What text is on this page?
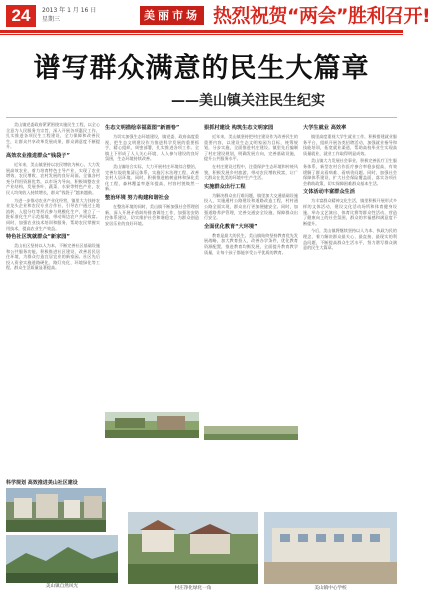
24	2013 年 1 月 16 日
星期三	美丽市场 热烈祝贺“两会”胜利召开!
谱写群众满意的民生大篇章
——美山镇关注民生纪实

美山镇党委政府紧紧围绕实施民生工程，以全心全意为人民服务为宗旨，深入开展各项惠民工作，扎实推进各项民生工程建设，全力保障和改善民生，让群众共享改革发展成果，群众满意度不断提升。

高效农业推进群众“钱袋子”

近年来，美山镇坚持以农民增收为核心，大力发展高效农业，着力培育特色主导产业，实现了农业增效、农民增收、农村发展的良好局面。全镇各村充分利用资源优势，以市场为导向，积极调整农业产业结构，发展茶叶、蔬菜、水果等特色产业，农民人均纯收入持续增长，群众“钱袋子”越来越鼓。

为进一步推动农业产业化经营，镇里大力扶持农业龙头企业和农民专业合作社，引导农户通过土地流转、入股分红等形式参与规模化生产，建立了一批标准化生产示范基地，带动周边农户共同致富。同时，加强农业技术培训和服务，帮助农民掌握实用技术，提高农业生产效益。

特色社区筑就群众“新家园”

美山社区坚持以人为本，不断完善社区基础设施和公共服务功能，积极推进社区建设，改善居民居住环境，为群众打造宜居宜业的新家园。社区先后投入资金实施道路硬化、路灯亮化、环境绿化等工程，群众生活质量显著提高。

生态文明描绘幸福蓝图“新画卷”

为切实加强生态环境建设，镇党委、政府高度重视，把生态文明建设作为推进科学发展的重要抓手，精心组织，周密部署，扎实推进各项工作。全镇上下形成了人人关心环境、人人参与建设的良好氛围，生态环境持续改善。

美山镇结合实际，大力开展村庄环境综合整治，完善垃圾收集清运体系，实施污水治理工程，改善农村人居环境。同时，积极推进植树造林和绿化美化工程，森林覆盖率逐年提高，村容村貌焕然一新。

整治环境 努力构建和谐社会

在整治环境的同时，美山镇不断加强社会管理创新，深入开展矛盾纠纷排查调处工作，加强治安防控体系建设，切实维护社会和谐稳定，为群众创造安居乐业的良好环境。

狠抓村建设 构筑生态文明家园

近年来，美山镇坚持把村庄建设作为改善民生的重要内容，以建设生态文明家园为目标，统筹规划，分步实施，全面推进村庄建设。镇里先后编制了村庄建设规划，明确发展方向，完善基础设施，提升公共服务水平。

在村庄建设过程中，注重保护生态环境和传统风貌，积极发展乡村旅游，带动农民增收致富，让广大群众在优美的环境中生产生活。

实施群众出行工程

为解决群众出行难问题，镇里加大交通基础设施投入，实施通村公路建设和道路改造工程，村村通公路全面实现，群众出行更加便捷安全。同时，加强道路养护管理，完善交通安全设施，保障群众出行安全。

全面优化教育“大环境”

教育是最大的民生。美山镇始终坚持教育优先发展战略，加大教育投入，改善办学条件，优化教育资源配置，推进教育均衡发展，全面提升教育教学质量，让每个孩子都能享受公平优质的教育。

大学生就业 高效率

镇里高度重视大学生就业工作，积极搭建就业服务平台，组织开展各类招聘活动，加强就业指导和技能培训，拓宽就业渠道，帮助高校毕业生实现高质量就业，就业工作取得明显成效。

美山镇大力发展社会事业，积极完善医疗卫生服务体系，新型农村合作医疗参合率稳步提高，有效缓解了群众看病难、看病贵问题。同时，加强社会保障体系建设，扩大社会保险覆盖面，落实各项社会救助政策，切实保障困难群众基本生活。

文体活动丰富群众生活

为丰富群众精神文化生活，镇里积极开展形式多样的文体活动，建设文化活动场所和体育健身设施，举办文艺演出、体育比赛等群众性活动，营造了健康向上的社会氛围，群众的幸福感和满意度不断提升。

今后，美山镇将继续坚持以人为本、执政为民的理念，着力解决群众最关心、最直接、最现实的利益问题，不断提高群众生活水平，努力谱写群众满意的民生大篇章。

科学规划 高效推进美山社区建设
美山镇自然风光	村庄净化绿化一角	美山镇中心学校
